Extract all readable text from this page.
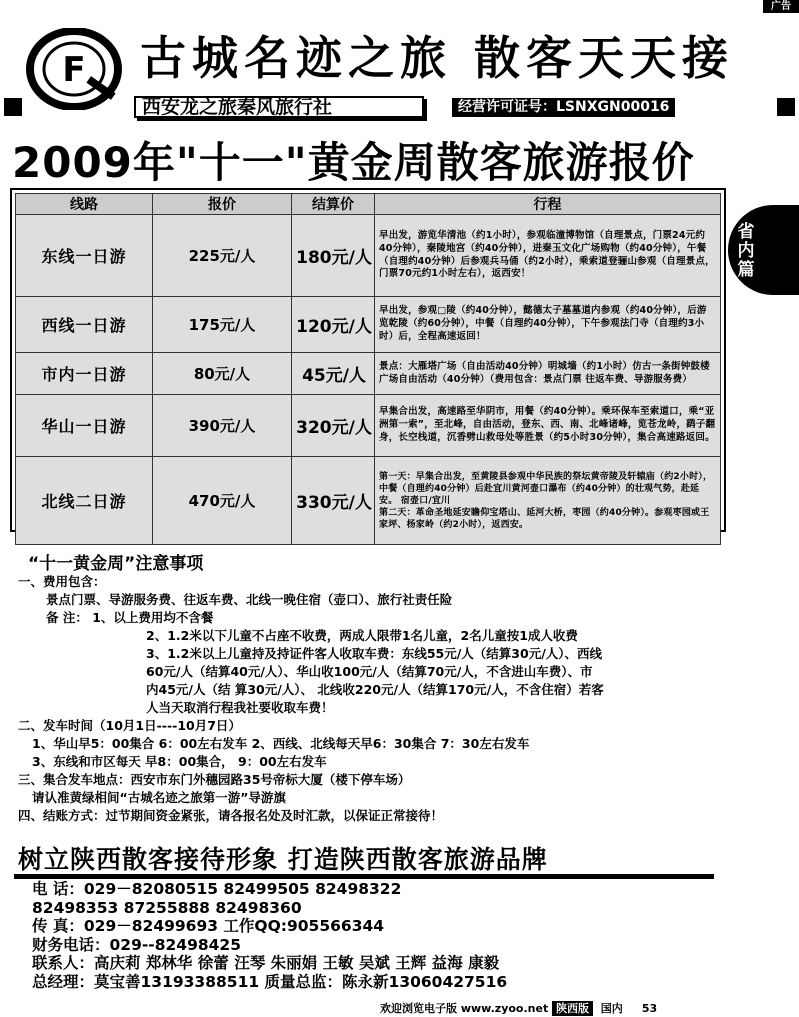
广告
F 古城名迹之旅 散客天天接
西安龙之旅秦风旅行社	经营许可证号：LSNXGN00016
2009年"十一"黄金周散客旅游报价
省
内
篇
线路	报价	结算价	行程
东线一日游	225元/人	180元/人	早出发，游览华清池（约1小时），参观临潼博物馆（自理景点，门票24元约40分钟），秦陵地宫（约40分钟），进秦玉文化广场购物（约40分钟），午餐（自理约40分钟）后参观兵马俑（约2小时），乘索道登骊山参观（自理景点，门票70元约1小时左右），返西安！
西线一日游	175元/人	120元/人	早出发，参观□陵（约40分钟），懿德太子墓墓道内参观（约40分钟），后游览乾陵（约60分钟），中餐（自理约40分钟），下午参观法门寺（自理约3小时）后，全程高速返回！
市内一日游	80元/人	45元/人	景点：大雁塔广场（自由活动40分钟）明城墙（约1小时）仿古一条街钟鼓楼广场自由活动（40分钟）（费用包含：景点门票 往返车费、导游服务费）
华山一日游	390元/人	320元/人	早集合出发，高速路至华阴市，用餐（约40分钟）。乘环保车至索道口，乘“亚洲第一索”，至北峰，自由活动，登东、西、南、北峰诸峰，览苍龙岭，鹞子翻身，长空栈道，沉香劈山救母处等胜景（约5小时30分钟），集合高速路返回。
北线二日游	470元/人	330元/人	第一天：早集合出发，至黄陵县参观中华民族的祭坛黄帝陵及轩辕庙（约2小时），中餐（自理约40分钟）后赴宜川黄河壶口瀑布（约40分钟）的壮观气势，赴延安。 宿壶口/宜川
第二天：革命圣地延安瞻仰宝塔山、延河大桥，枣园（约40分钟）。参观枣园或王家坪、杨家岭（约2小时），返西安。
“十一黄金周”注意事项
一、费用包含：
景点门票、导游服务费、往返车费、北线一晚住宿（壶口）、旅行社责任险
备 注： 1、以上费用均不含餐
2、1.2米以下儿童不占座不收费，两成人限带1名儿童，2名儿童按1成人收费
3、1.2米以上儿童持及持证件客人收取车费：东线55元/人（结算30元/人）、西线
60元/人（结算40元/人）、华山收100元/人（结算70元/人，不含进山车费）、市
内45元/人（结 算30元/人）、 北线收220元/人（结算170元/人，不含住宿）若客
人当天取消行程我社要收取车费！
二、发车时间（10月1日----10月7日）
1、华山早5：00集合 6：00左右发车 2、西线、北线每天早6：30集合 7：30左右发车
3、东线和市区每天 早8：00集合， 9：00左右发车
三、集合发车地点：西安市东门外穗园路35号帝标大厦（楼下停车场）
请认准黄绿相间“古城名迹之旅第一游”导游旗
四、结账方式：过节期间资金紧张，请各报名处及时汇款，以保证正常接待！
树立陕西散客接待形象 打造陕西散客旅游品牌
电 话：029－82080515 82499505 82498322
82498353 87255888 82498360
传 真：029－82499693 工作QQ:905566344
财务电话：029--82498425
联系人：高庆莉 郑林华 徐蕾 汪琴 朱丽娟 王敏 吴斌 王辉 益海 康毅
总经理：莫宝善13193388511 质量总监：陈永新13060427516
欢迎浏览电子版 www.zyoo.net 陕西版 国内 53
